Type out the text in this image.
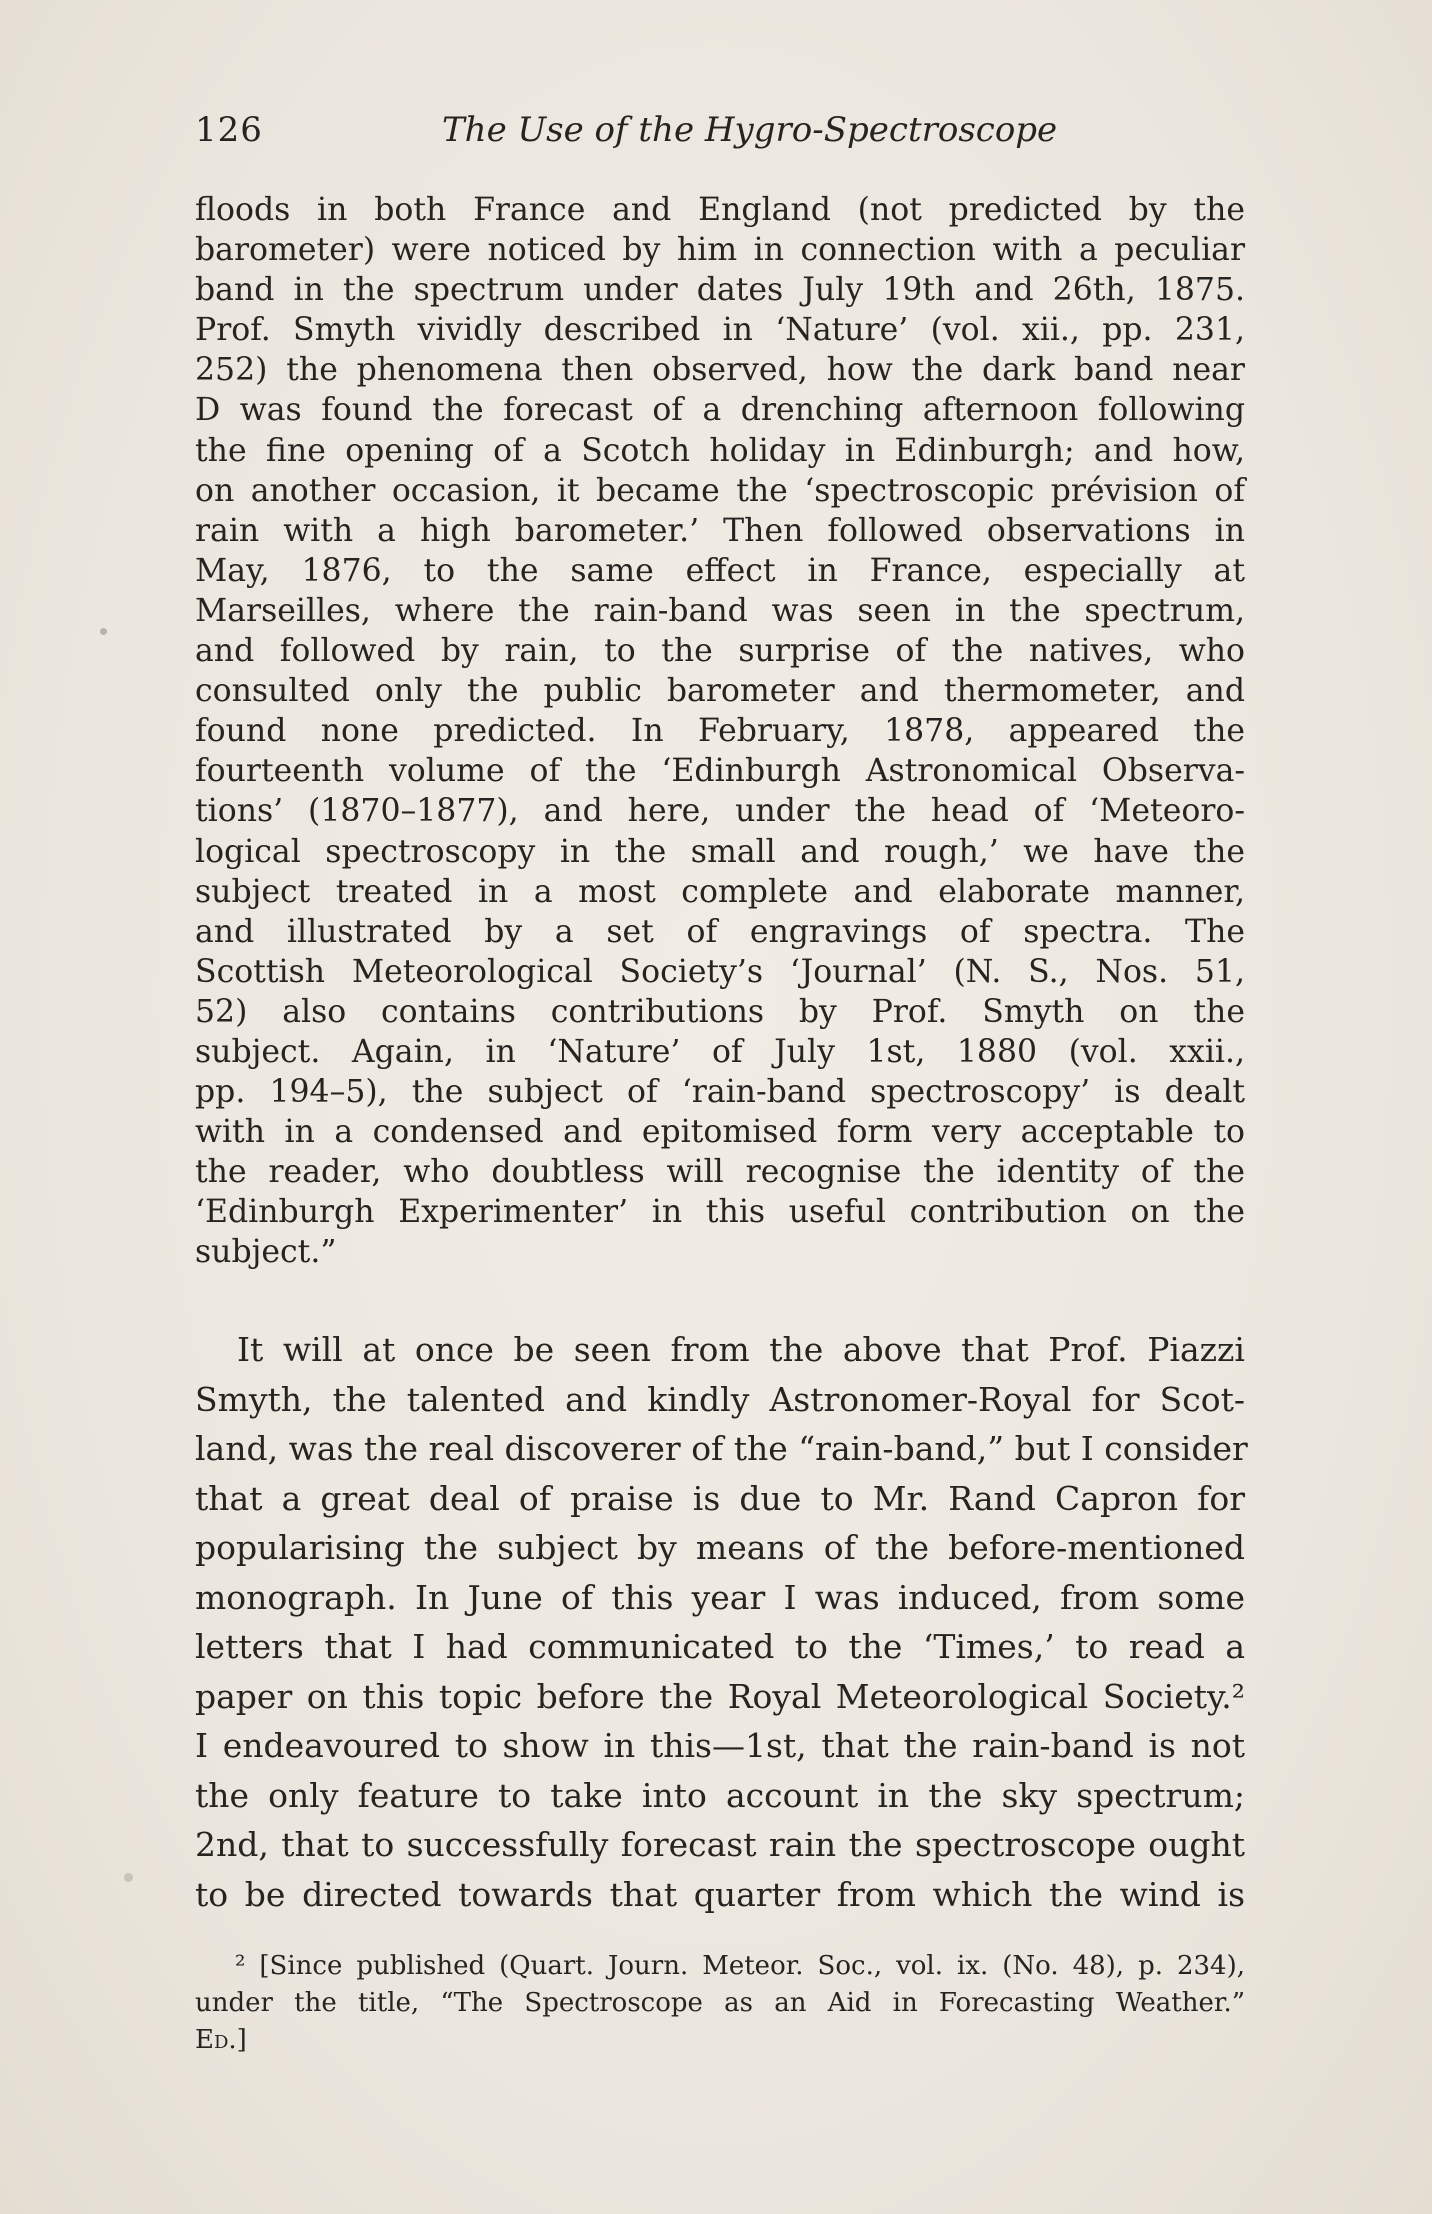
126	The Use of the Hygro-Spectroscope
floods in both France and England (not predicted by the
barometer) were noticed by him in connection with a peculiar
band in the spectrum under dates July 19th and 26th, 1875.
Prof. Smyth vividly described in ‘Nature’ (vol. xii., pp. 231,
252) the phenomena then observed, how the dark band near
D was found the forecast of a drenching afternoon following
the fine opening of a Scotch holiday in Edinburgh; and how,
on another occasion, it became the ‘spectroscopic prévision of
rain with a high barometer.’ Then followed observations in
May, 1876, to the same effect in France, especially at
Marseilles, where the rain-band was seen in the spectrum,
and followed by rain, to the surprise of the natives, who
consulted only the public barometer and thermometer, and
found none predicted. In February, 1878, appeared the
fourteenth volume of the ‘Edinburgh Astronomical Observa-
tions’ (1870–1877), and here, under the head of ‘Meteoro-
logical spectroscopy in the small and rough,’ we have the
subject treated in a most complete and elaborate manner,
and illustrated by a set of engravings of spectra. The
Scottish Meteorological Society’s ‘Journal’ (N. S., Nos. 51,
52) also contains contributions by Prof. Smyth on the
subject. Again, in ‘Nature’ of July 1st, 1880 (vol. xxii.,
pp. 194–5), the subject of ‘rain-band spectroscopy’ is dealt
with in a condensed and epitomised form very acceptable to
the reader, who doubtless will recognise the identity of the
‘Edinburgh Experimenter’ in this useful contribution on the
subject.”
It will at once be seen from the above that Prof. Piazzi
Smyth, the talented and kindly Astronomer-Royal for Scot-
land, was the real discoverer of the “rain-band,” but I consider
that a great deal of praise is due to Mr. Rand Capron for
popularising the subject by means of the before-mentioned
monograph. In June of this year I was induced, from some
letters that I had communicated to the ‘Times,’ to read a
paper on this topic before the Royal Meteorological Society.²
I endeavoured to show in this—1st, that the rain-band is not
the only feature to take into account in the sky spectrum;
2nd, that to successfully forecast rain the spectroscope ought
to be directed towards that quarter from which the wind is
² [Since published (Quart. Journ. Meteor. Soc., vol. ix. (No. 48), p. 234),
under the title, “The Spectroscope as an Aid in Forecasting Weather.”
Ed.]
